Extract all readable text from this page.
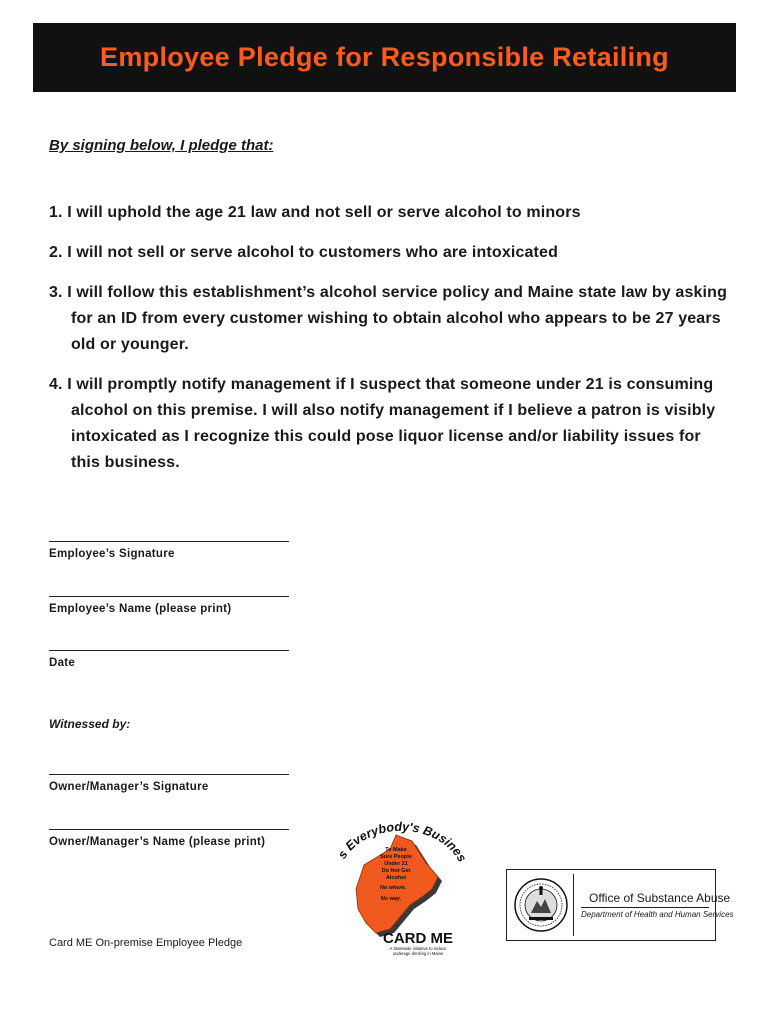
Employee Pledge for Responsible Retailing
By signing below, I pledge that:
1. I will uphold the age 21 law and not sell or serve alcohol to minors
2. I will not sell or serve alcohol to customers who are intoxicated
3. I will follow this establishment’s alcohol service policy and Maine state law by asking for an ID from every customer wishing to obtain alcohol who appears to be 27 years old or younger.
4. I will promptly notify management if I suspect that someone under 21 is consuming alcohol on this premise. I will also notify management if I believe a patron is visibly intoxicated as I recognize this could pose liquor license and/or liability issues for this business.
Employee’s Signature
Employee’s Name (please print)
Date
Witnessed by:
Owner/Manager’s Signature
Owner/Manager’s Name (please print)
Card ME On-premise Employee Pledge
s Everybody's Busines
To Make
Sure People
Under 21
Do Not Get
Alcohol
No where.
No way.
CARD ME
A Statewide initiative to reduce
underage drinking in Maine
Office of Substance Abuse
Department of Health and Human Services
